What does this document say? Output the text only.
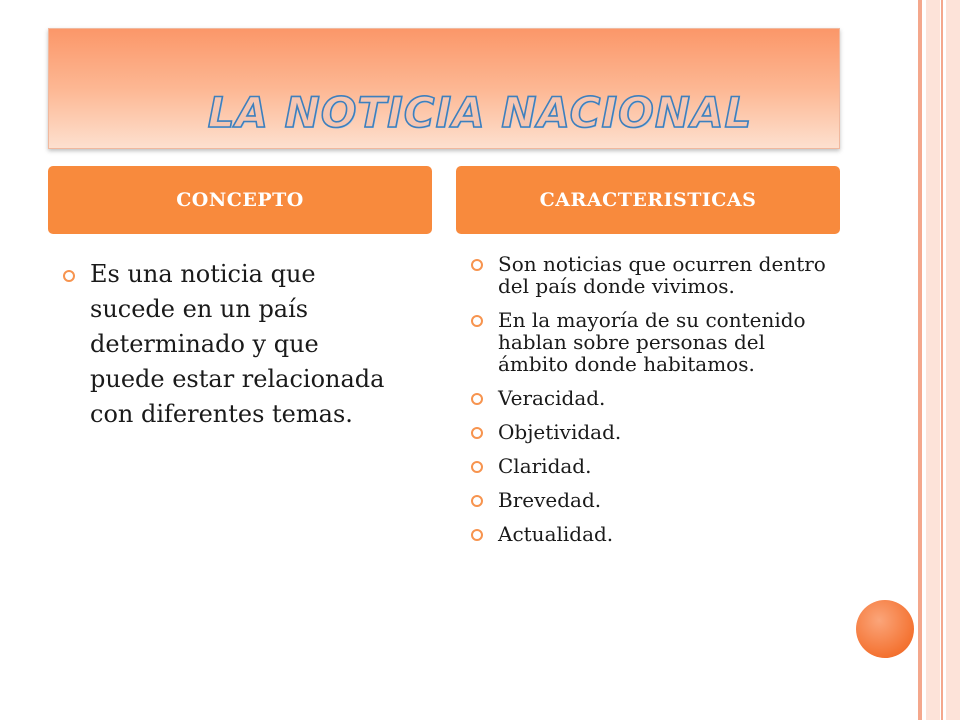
LA NOTICIA NACIONAL
CONCEPTO	CARACTERISTICAS
Es una noticia que sucede en un país determinado y que puede estar relacionada con diferentes temas.
Son noticias que ocurren dentro del país donde vivimos.
En la mayoría de su contenido hablan sobre personas del ámbito donde habitamos.
Veracidad.
Objetividad.
Claridad.
Brevedad.
Actualidad.
